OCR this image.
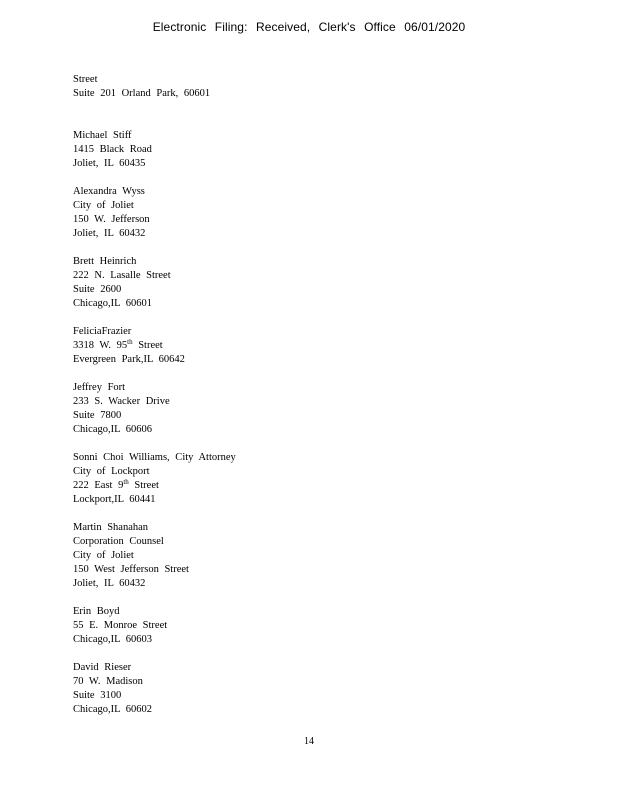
Electronic Filing: Received, Clerk's Office 06/01/2020
Street
Suite 201 Orland Park, 60601
Michael Stiff
1415 Black Road
Joliet, IL 60435
Alexandra Wyss
City of Joliet
150 W. Jefferson
Joliet, IL 60432
Brett Heinrich
222 N. Lasalle Street
Suite 2600
Chicago,IL 60601
FeliciaFrazier
3318 W. 95th Street
Evergreen Park,IL 60642
Jeffrey Fort
233 S. Wacker Drive
Suite 7800
Chicago,IL 60606
Sonni Choi Williams, City Attorney
City of Lockport
222 East 9th Street
Lockport,IL 60441
Martin Shanahan
Corporation Counsel
City of Joliet
150 West Jefferson Street
Joliet, IL 60432
Erin Boyd
55 E. Monroe Street
Chicago,IL 60603
David Rieser
70 W. Madison
Suite 3100
Chicago,IL 60602
14
